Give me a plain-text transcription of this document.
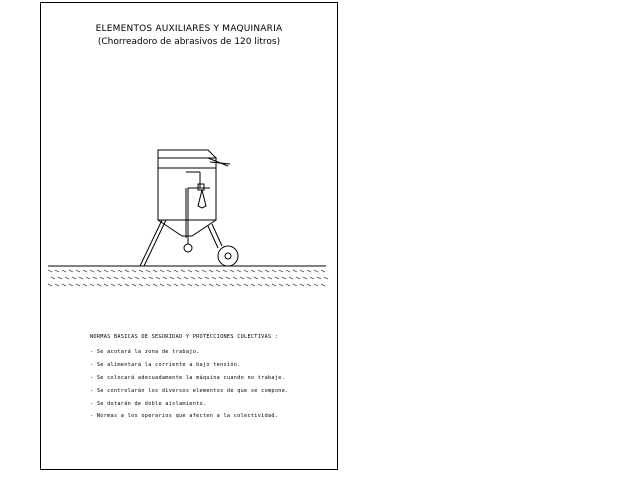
ELEMENTOS AUXILIARES Y MAQUINARIA
(Chorreadoro de abrasivos de 120 litros)
NORMAS BASICAS DE SEGURIDAD Y PROTECCIONES COLECTIVAS :
- Se acotará la zona de trabajo.
- Se alimentará la corriente a bajo tensión.
- Se colocará adecuadamente la máquina cuando no trabaje.
- Se controlarán los diversos elementos de que se compone.
- Se dotarán de doble aislamiento.
- Normas a los operarios que afecten a la colectividad.
